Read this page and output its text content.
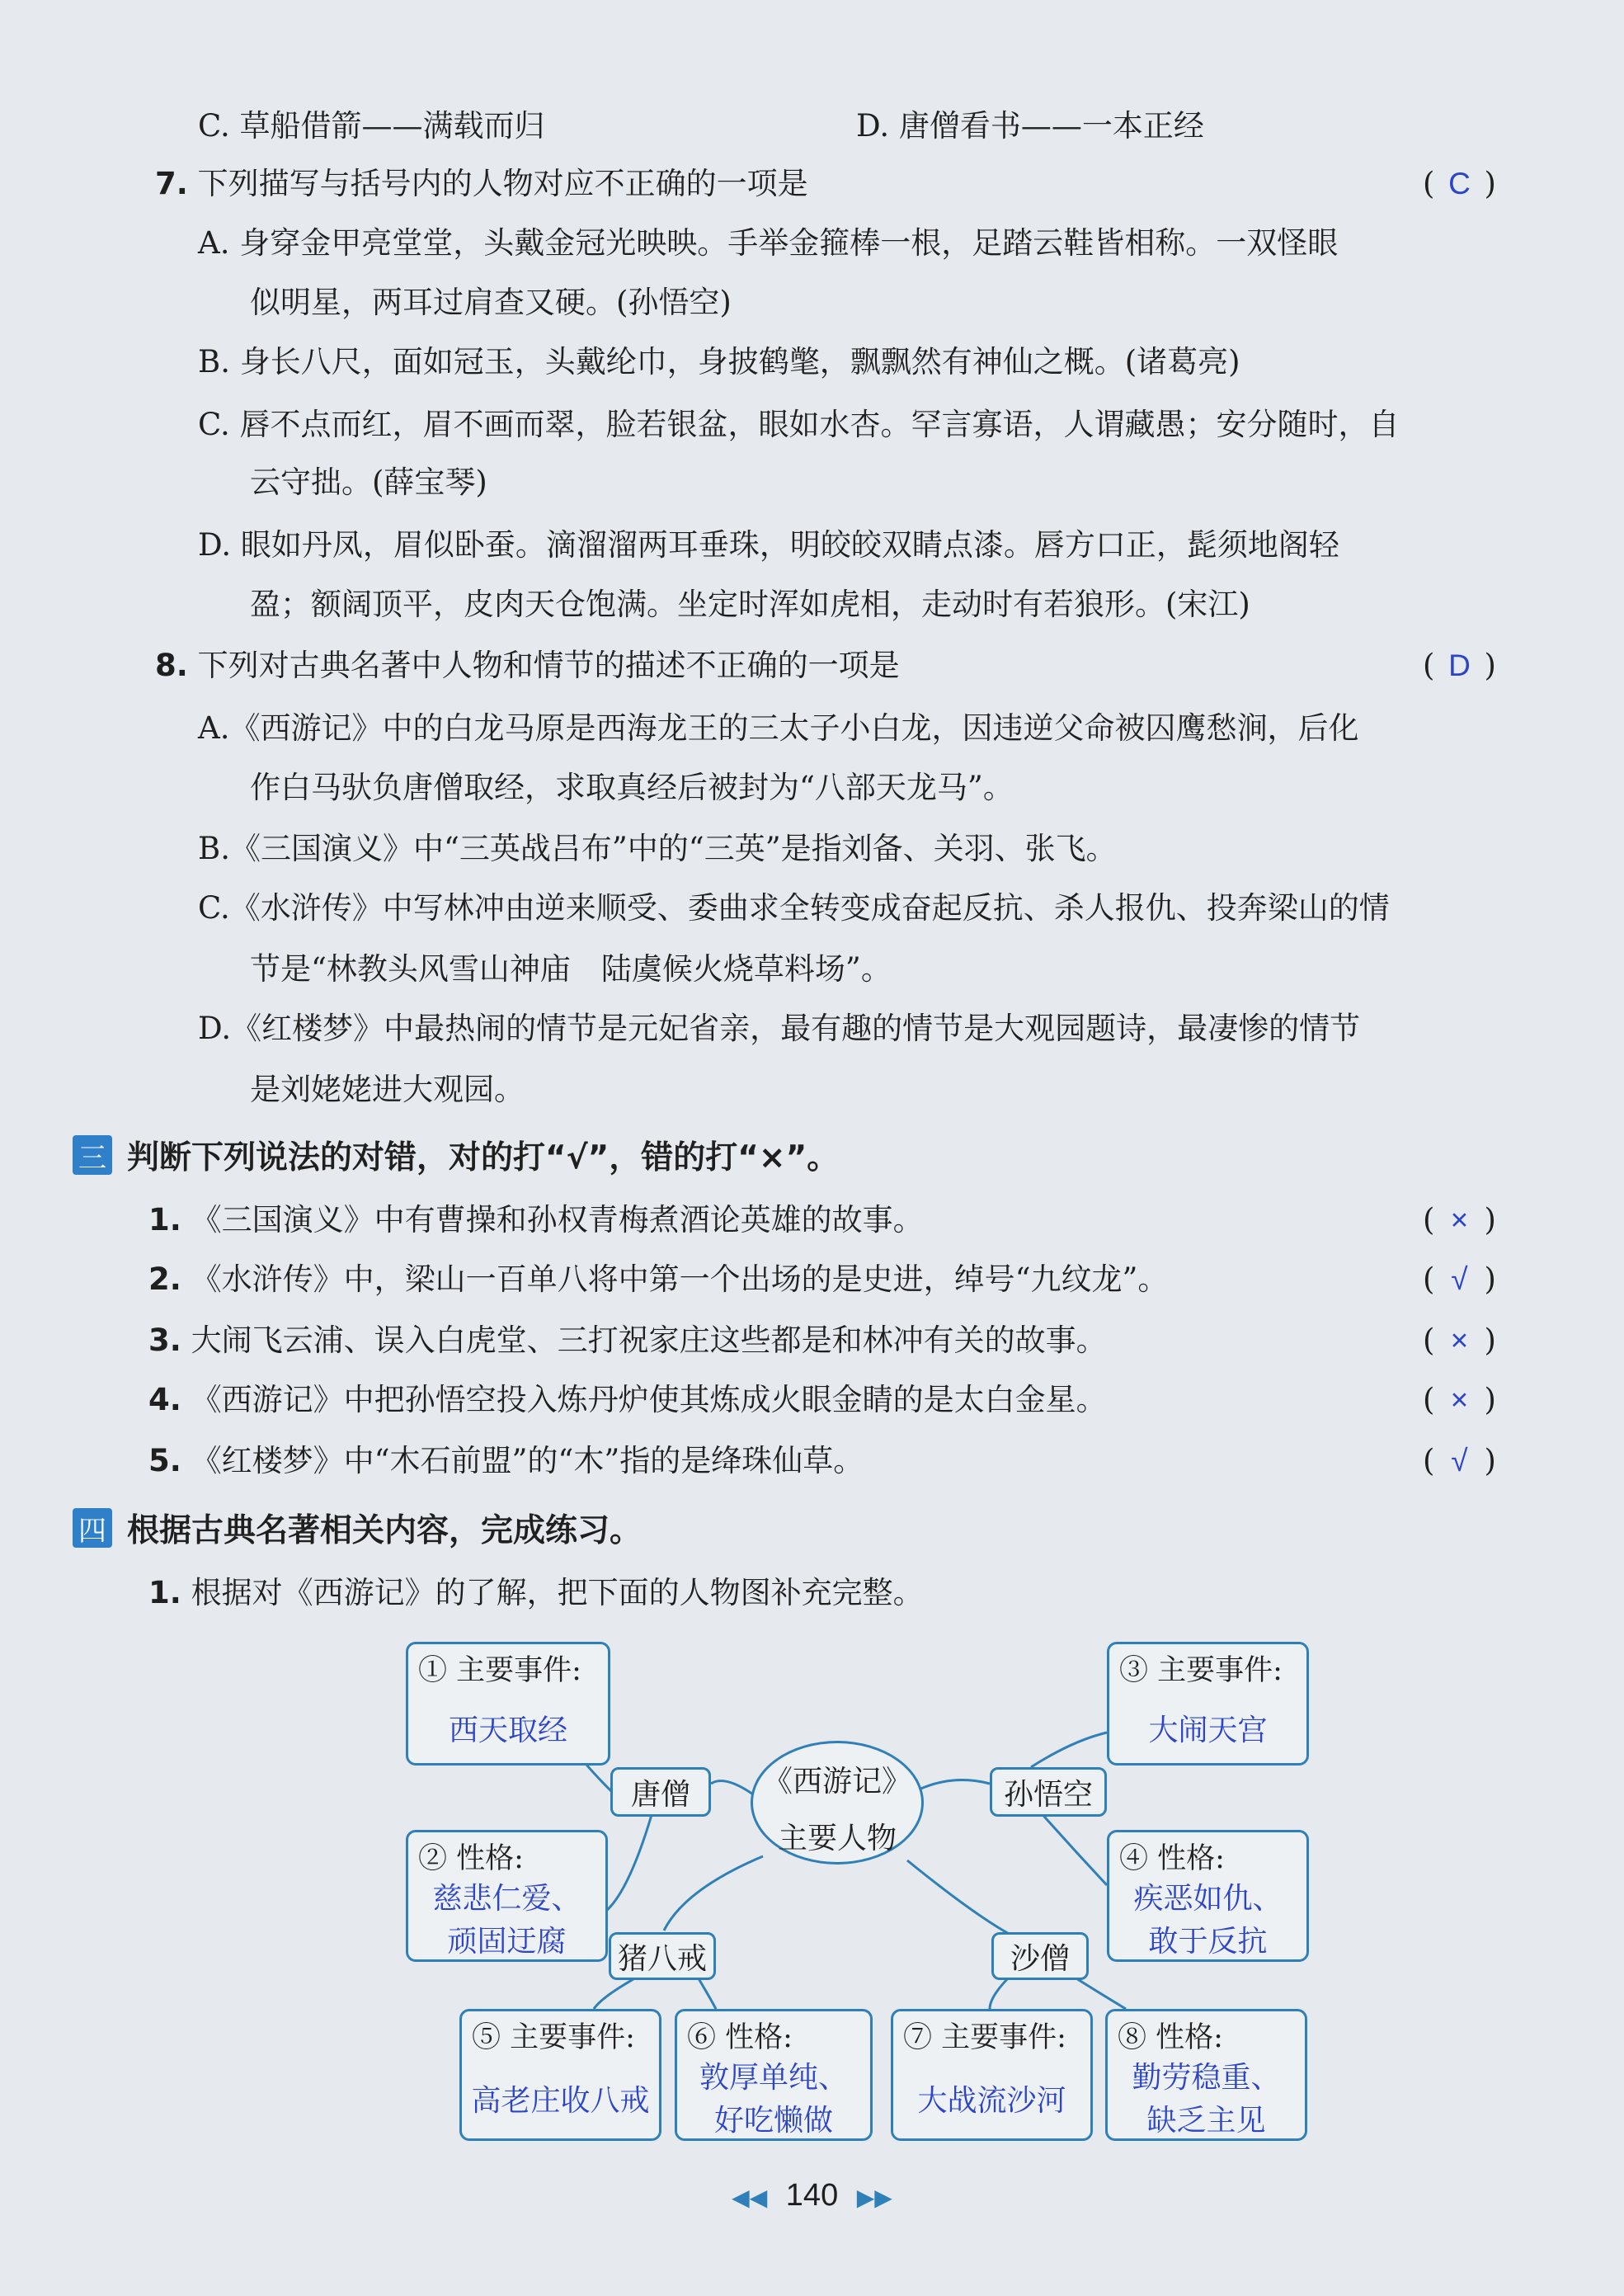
C. 草船借箭——满载而归	D. 唐僧看书——一本正经
7. 下列描写与括号内的人物对应不正确的一项是	( C )
A. 身穿金甲亮堂堂，头戴金冠光映映。手举金箍棒一根，足踏云鞋皆相称。一双怪眼
似明星，两耳过肩查又硬。(孙悟空)
B. 身长八尺，面如冠玉，头戴纶巾，身披鹤氅，飘飘然有神仙之概。(诸葛亮)
C. 唇不点而红，眉不画而翠，脸若银盆，眼如水杏。罕言寡语，人谓藏愚；安分随时，自
云守拙。(薛宝琴)
D. 眼如丹凤，眉似卧蚕。滴溜溜两耳垂珠，明皎皎双睛点漆。唇方口正，髭须地阁轻
盈；额阔顶平，皮肉天仓饱满。坐定时浑如虎相，走动时有若狼形。(宋江)
8. 下列对古典名著中人物和情节的描述不正确的一项是	( D )
A.《西游记》中的白龙马原是西海龙王的三太子小白龙，因违逆父命被囚鹰愁涧，后化
作白马驮负唐僧取经，求取真经后被封为“八部天龙马”。
B.《三国演义》中“三英战吕布”中的“三英”是指刘备、关羽、张飞。
C.《水浒传》中写林冲由逆来顺受、委曲求全转变成奋起反抗、杀人报仇、投奔梁山的情
节是“林教头风雪山神庙　陆虞候火烧草料场”。
D.《红楼梦》中最热闹的情节是元妃省亲，最有趣的情节是大观园题诗，最凄惨的情节
是刘姥姥进大观园。
三 判断下列说法的对错，对的打“√”，错的打“×”。
1. 《三国演义》中有曹操和孙权青梅煮酒论英雄的故事。	( × )
2. 《水浒传》中，梁山一百单八将中第一个出场的是史进，绰号“九纹龙”。	( √ )
3. 大闹飞云浦、误入白虎堂、三打祝家庄这些都是和林冲有关的故事。	( × )
4. 《西游记》中把孙悟空投入炼丹炉使其炼成火眼金睛的是太白金星。	( × )
5. 《红楼梦》中“木石前盟”的“木”指的是绛珠仙草。	( √ )
四 根据古典名著相关内容，完成练习。
1. 根据对《西游记》的了解，把下面的人物图补充完整。
《西游记》
主要人物
唐僧	孙悟空
猪八戒	沙僧
① 主要事件:
西天取经
② 性格:
慈悲仁爱、
顽固迂腐
③ 主要事件:
大闹天宫
④ 性格:
疾恶如仇、
敢于反抗
⑤ 主要事件:
高老庄收八戒
⑥ 性格:
敦厚单纯、
好吃懒做
⑦ 主要事件:
大战流沙河
⑧ 性格:
勤劳稳重、
缺乏主见
◀◀ 140 ▶▶
